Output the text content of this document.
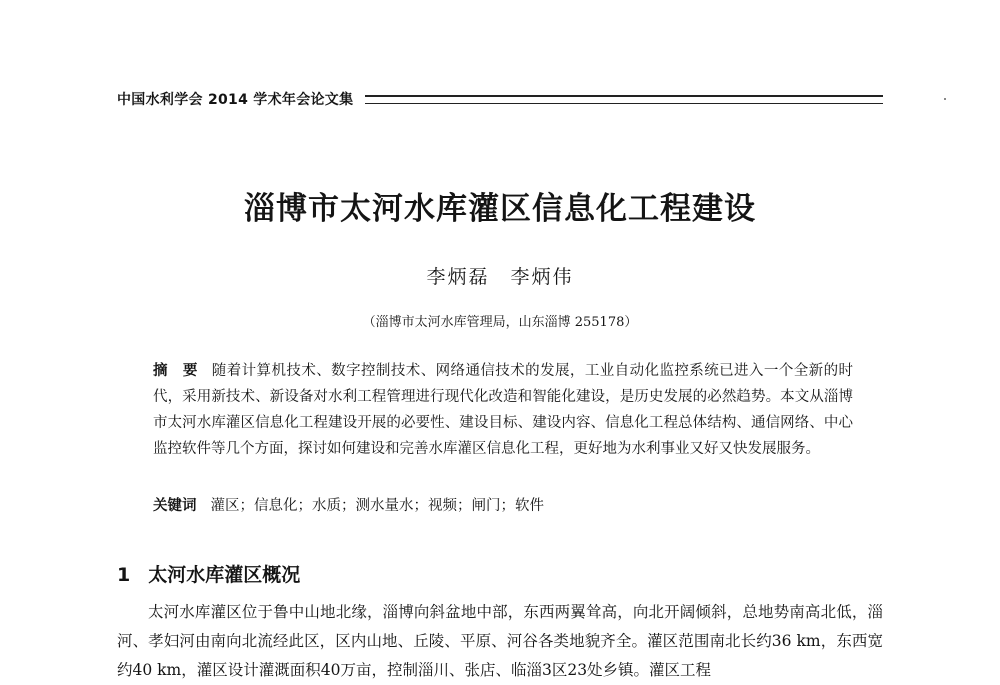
中国水利学会 2014 学术年会论文集
淄博市太河水库灌区信息化工程建设
李炳磊　李炳伟
（淄博市太河水库管理局，山东淄博 255178）
摘　要 随着计算机技术、数字控制技术、网络通信技术的发展，工业自动化监控系统已进入一个全新的时代，采用新技术、新设备对水利工程管理进行现代化改造和智能化建设，是历史发展的必然趋势。本文从淄博市太河水库灌区信息化工程建设开展的必要性、建设目标、建设内容、信息化工程总体结构、通信网络、中心监控软件等几个方面，探讨如何建设和完善水库灌区信息化工程，更好地为水利事业又好又快发展服务。
关键词 灌区；信息化；水质；测水量水；视频；闸门；软件
1 太河水库灌区概况
太河水库灌区位于鲁中山地北缘，淄博向斜盆地中部，东西两翼耸高，向北开阔倾斜，总地势南高北低，淄河、孝妇河由南向北流经此区，区内山地、丘陵、平原、河谷各类地貌齐全。灌区范围南北长约36 km，东西宽约40 km，灌区设计灌溉面积40万亩，控制淄川、张店、临淄3区23处乡镇。灌区工程
